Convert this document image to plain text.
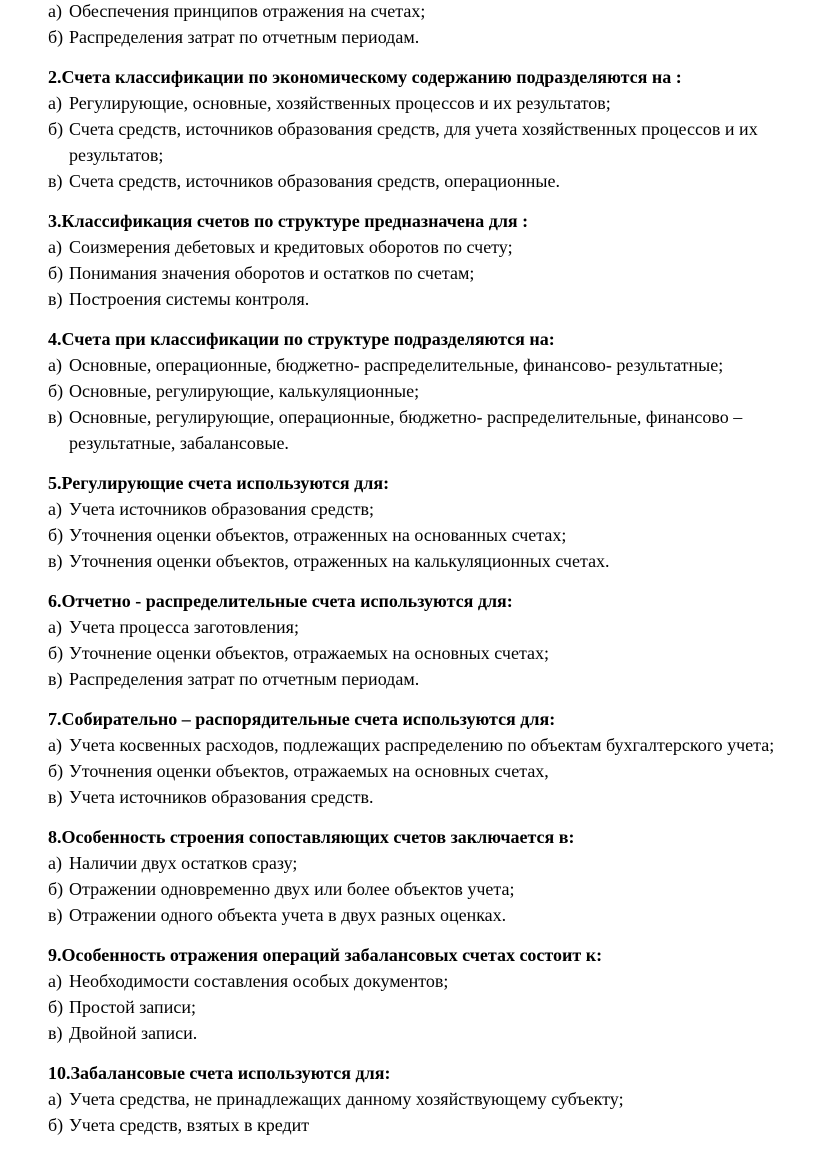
а) Обеспечения принципов отражения на счетах;
б) Распределения затрат по отчетным периодам.
2.Счета классификации по экономическому содержанию подразделяются на :
а) Регулирующие, основные, хозяйственных процессов и их результатов;
б) Счета средств, источников образования средств, для учета хозяйственных процессов и их результатов;
в) Счета средств, источников образования средств, операционные.
3.Классификация счетов по структуре предназначена для :
а) Соизмерения дебетовых и кредитовых оборотов по счету;
б) Понимания значения оборотов и остатков по счетам;
в) Построения системы контроля.
4.Счета при классификации по структуре подразделяются на:
а) Основные, операционные, бюджетно- распределительные, финансово- результатные;
б) Основные, регулирующие, калькуляционные;
в) Основные, регулирующие, операционные, бюджетно- распределительные, финансово – результатные, забалансовые.
5.Регулирующие счета используются для:
а) Учета источников образования средств;
б) Уточнения оценки объектов, отраженных на основанных счетах;
в) Уточнения оценки объектов, отраженных на калькуляционных счетах.
6.Отчетно - распределительные счета используются для:
а) Учета процесса заготовления;
б) Уточнение оценки объектов, отражаемых на основных счетах;
в) Распределения затрат по отчетным периодам.
7.Собирательно – распорядительные счета используются для:
а) Учета косвенных расходов, подлежащих распределению по объектам бухгалтерского учета;
б) Уточнения оценки объектов, отражаемых на основных счетах,
в) Учета источников образования средств.
8.Особенность строения сопоставляющих счетов заключается в:
а) Наличии двух остатков сразу;
б) Отражении одновременно двух или более объектов учета;
в) Отражении одного объекта учета в двух разных оценках.
9.Особенность отражения операций забалансовых счетах состоит к:
а) Необходимости составления особых документов;
б) Простой записи;
в) Двойной записи.
10.Забалансовые счета используются для:
а) Учета средства, не принадлежащих данному хозяйствующему субъекту;
б) Учета средств, взятых в кредит
